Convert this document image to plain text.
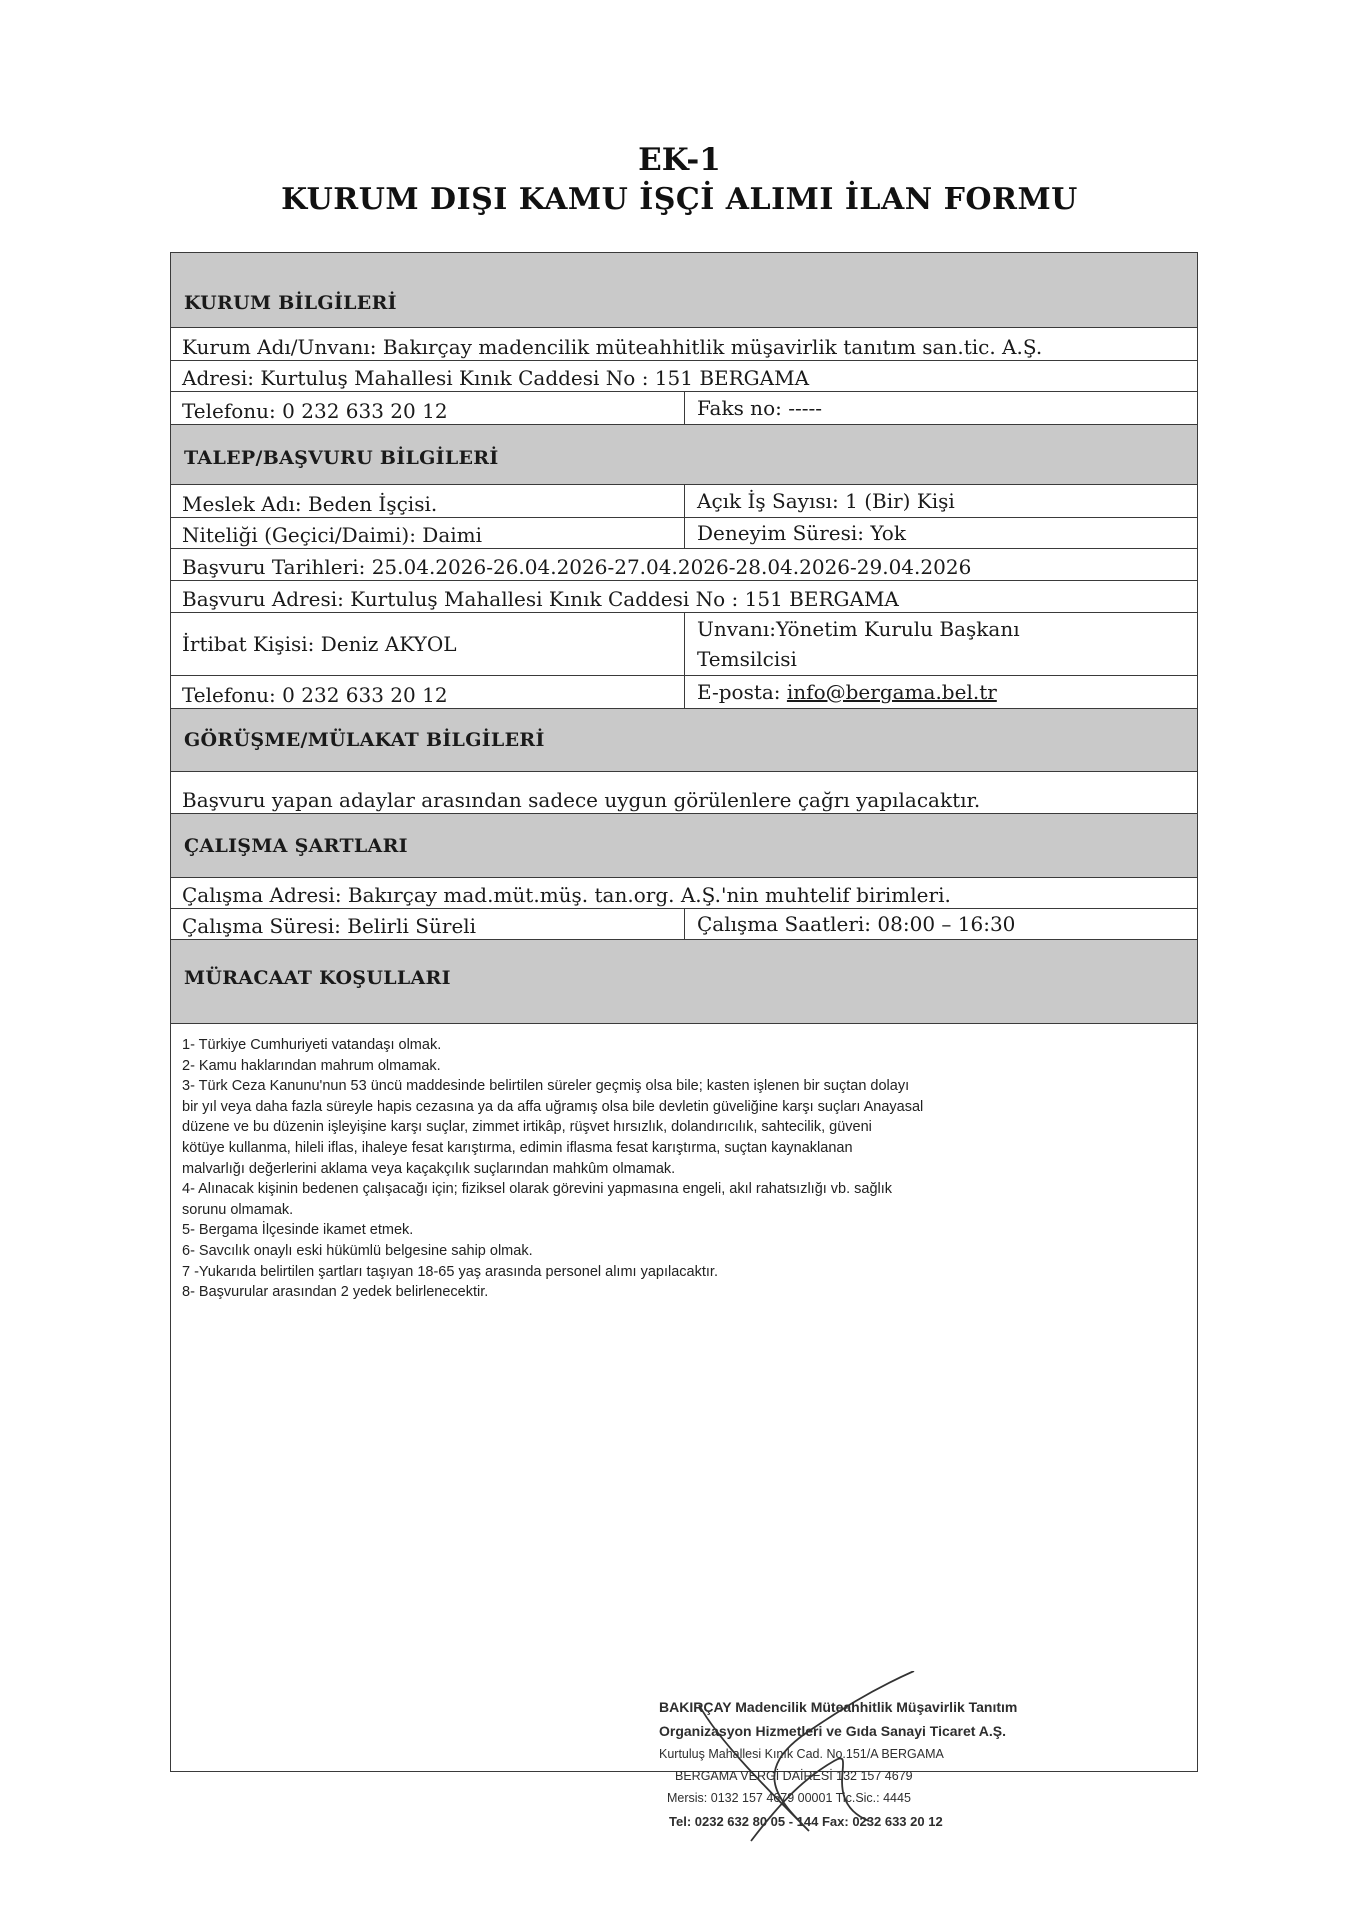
EK-1
KURUM DIŞI KAMU İŞÇİ ALIMI İLAN FORMU
KURUM BİLGİLERİ
Kurum Adı/Unvanı: Bakırçay madencilik müteahhitlik müşavirlik tanıtım san.tic. A.Ş.
Adresi: Kurtuluş Mahallesi Kınık Caddesi No : 151 BERGAMA
Telefonu: 0 232 633 20 12	Faks no: -----
TALEP/BAŞVURU BİLGİLERİ
Meslek Adı: Beden İşçisi.	Açık İş Sayısı: 1 (Bir) Kişi
Niteliği (Geçici/Daimi): Daimi	Deneyim Süresi: Yok
Başvuru Tarihleri: 25.04.2026-26.04.2026-27.04.2026-28.04.2026-29.04.2026
Başvuru Adresi: Kurtuluş Mahallesi Kınık Caddesi No : 151 BERGAMA
İrtibat Kişisi: Deniz AKYOL
Unvanı:Yönetim Kurulu Başkanı
Temsilcisi
Telefonu: 0 232 633 20 12	E-posta: info@bergama.bel.tr
GÖRÜŞME/MÜLAKAT BİLGİLERİ
Başvuru yapan adaylar arasından sadece uygun görülenlere çağrı yapılacaktır.
ÇALIŞMA ŞARTLARI
Çalışma Adresi: Bakırçay mad.müt.müş. tan.org. A.Ş.'nin muhtelif birimleri.
Çalışma Süresi: Belirli Süreli	Çalışma Saatleri: 08:00 – 16:30
MÜRACAAT KOŞULLARI
1- Türkiye Cumhuriyeti vatandaşı olmak.
2- Kamu haklarından mahrum olmamak.
3- Türk Ceza Kanunu'nun 53 üncü maddesinde belirtilen süreler geçmiş olsa bile; kasten işlenen bir suçtan dolayı
bir yıl veya daha fazla süreyle hapis cezasına ya da affa uğramış olsa bile devletin güveliğine karşı suçları Anayasal
düzene ve bu düzenin işleyişine karşı suçlar, zimmet irtikâp, rüşvet hırsızlık, dolandırıcılık, sahtecilik, güveni
kötüye kullanma, hileli iflas, ihaleye fesat karıştırma, edimin iflasma fesat karıştırma, suçtan kaynaklanan
malvarlığı değerlerini aklama veya kaçakçılık suçlarından mahkûm olmamak.
4- Alınacak kişinin bedenen çalışacağı için; fiziksel olarak görevini yapmasına engeli, akıl rahatsızlığı vb. sağlık
sorunu olmamak.
5- Bergama İlçesinde ikamet etmek.
6- Savcılık onaylı eski hükümlü belgesine sahip olmak.
7 -Yukarıda belirtilen şartları taşıyan 18-65 yaş arasında personel alımı yapılacaktır.
8- Başvurular arasından 2 yedek belirlenecektir.
BAKIRÇAY Madencilik Müteahhitlik Müşavirlik Tanıtım
Organizasyon Hizmetleri ve Gıda Sanayi Ticaret A.Ş.
Kurtuluş Mahallesi Kınık Cad. No.151/A BERGAMA
BERGAMA VERGİ DAİRESİ 132 157 4679
Mersis: 0132 157 4679 00001 Tic.Sic.: 4445
Tel: 0232 632 80 05 - 144 Fax: 0232 633 20 12
